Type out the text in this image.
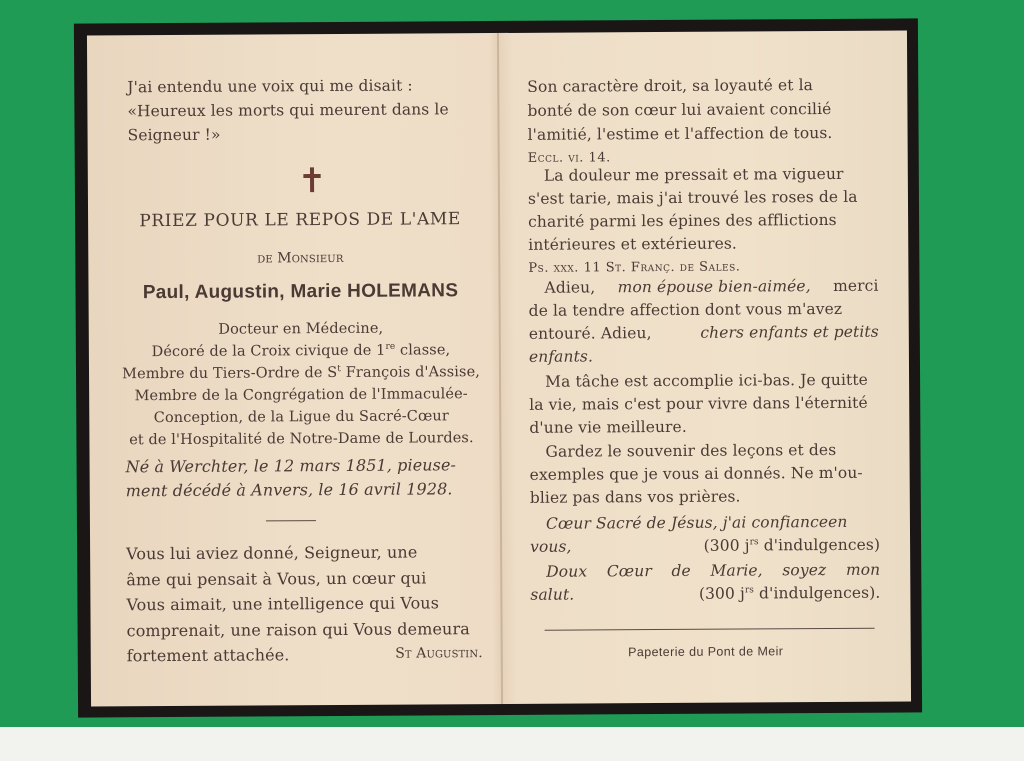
J'ai entendu une voix qui me disait :
«Heureux les morts qui meurent dans le
Seigneur !»
✝
PRIEZ POUR LE REPOS DE L'AME
de Monsieur
Paul, Augustin, Marie HOLEMANS
Docteur en Médecine,
Décoré de la Croix civique de 1re classe,
Membre du Tiers-Ordre de $S^t$ François d'Assise,
Membre de la Congrégation de l'Immaculée-
Conception, de la Ligue du Sacré-Cœur
et de l'Hospitalité de Notre-Dame de Lourdes.
Né à Werchter, le 12 mars 1851, pieuse-
ment décédé à Anvers, le 16 avril 1928.
Vous lui aviez donné, Seigneur, une
âme qui pensait à Vous, un cœur qui
Vous aimait, une intelligence qui Vous
comprenait, une raison qui Vous demeura
fortement attachée.	St Augustin.
Son caractère droit, sa loyauté et la
bonté de son cœur lui avaient concilié
l'amitié, l'estime et l'affection de tous.
Eccl. vi. 14.
La douleur me pressait et ma vigueur
s'est tarie, mais j'ai trouvé les roses de la
charité parmi les épines des afflictions
intérieures et extérieures.
Ps. xxx. 11 St. Franç. de Sales.
Adieu, mon épouse bien-aimée, merci
de la tendre affection dont vous m'avez
entouré. Adieu,	chers enfants et petits
enfants.
Ma tâche est accomplie ici-bas. Je quitte
la vie, mais c'est pour vivre dans l'éternité
d'une vie meilleure.
Gardez le souvenir des leçons et des
exemples que je vous ai donnés. Ne m'ou-
bliez pas dans vos prières.
Cœur Sacré de Jésus, j'ai confianceen
vous,	(300 $j^{rs}$ d'indulgences)
Doux Cœur de Marie, soyez mon
salut.	(300 $j^{rs}$ d'indulgences).
Papeterie du Pont de Meir
